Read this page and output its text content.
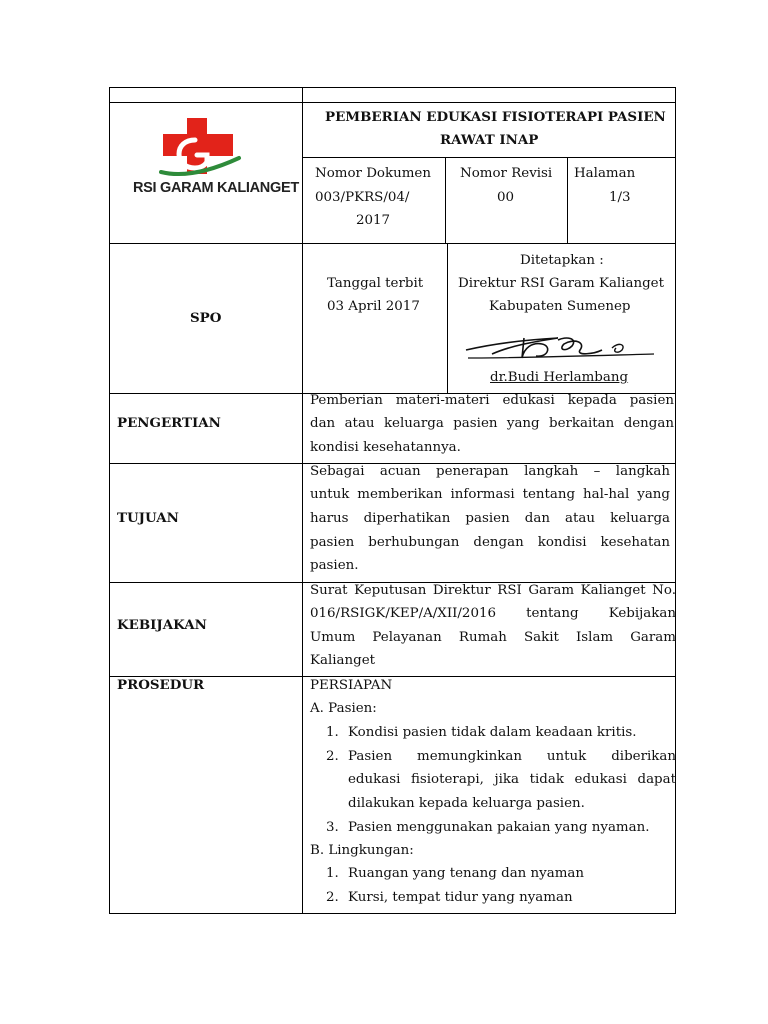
RSI GARAM KALIANGET
PEMBERIAN EDUKASI FISIOTERAPI PASIEN
RAWAT INAP
Nomor Dokumen
003/PKRS/04/
2017
Nomor Revisi
00
Halaman
1/3
SPO
Tanggal terbit
03 April 2017
Ditetapkan :
Direktur RSI Garam Kalianget
Kabupaten Sumenep
dr.Budi Herlambang
PENGERTIAN
Pemberian materi-materi edukasi kepada pasien
dan atau keluarga pasien yang berkaitan dengan
kondisi kesehatannya.
TUJUAN
Sebagai acuan penerapan langkah – langkah
untuk memberikan informasi tentang hal-hal yang
harus diperhatikan pasien dan atau keluarga
pasien berhubungan dengan kondisi kesehatan
pasien.
KEBIJAKAN
Surat Keputusan Direktur RSI Garam Kalianget No.
016/RSIGK/KEP/A/XII/2016 tentang Kebijakan
Umum Pelayanan Rumah Sakit Islam Garam
Kalianget
PROSEDUR	PERSIAPAN
A. Pasien:
1. Kondisi pasien tidak dalam keadaan kritis.
2. Pasien memungkinkan untuk diberikan
edukasi fisioterapi, jika tidak edukasi dapat
dilakukan kepada keluarga pasien.
3. Pasien menggunakan pakaian yang nyaman.
B. Lingkungan:
1. Ruangan yang tenang dan nyaman
2. Kursi, tempat tidur yang nyaman
